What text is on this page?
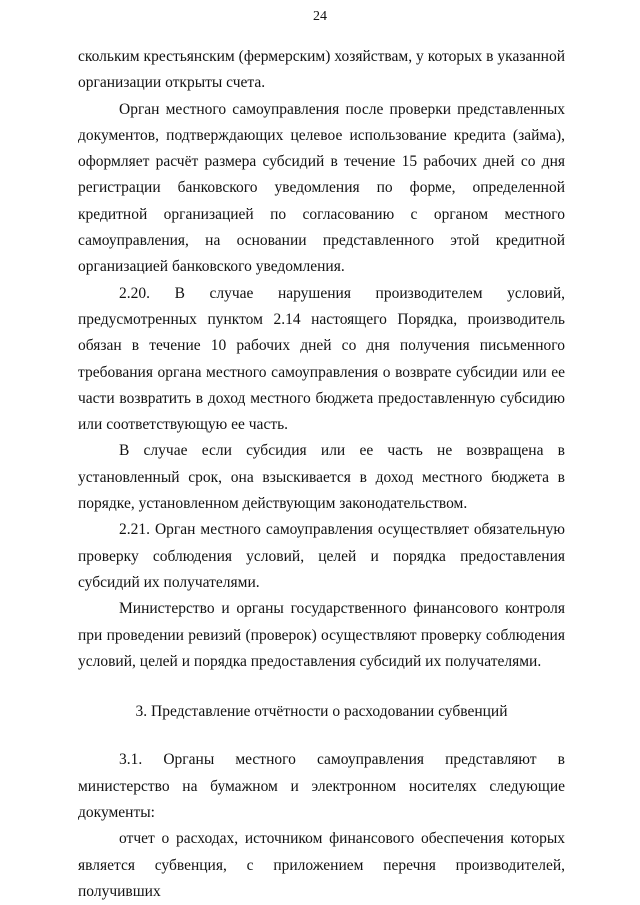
24

скольким крестьянским (фермерским) хозяйствам, у которых в указанной организации открыты счета.

Орган местного самоуправления после проверки представленных документов, подтверждающих целевое использование кредита (займа), оформляет расчёт размера субсидий в течение 15 рабочих дней со дня регистрации банковского уведомления по форме, определенной кредитной организацией по согласованию с органом местного самоуправления, на основании представленного этой кредитной организацией банковского уведомления.

2.20. В случае нарушения производителем условий, предусмотренных пунктом 2.14 настоящего Порядка, производитель обязан в течение 10 рабочих дней со дня получения письменного требования органа местного самоуправления о возврате субсидии или ее части возвратить в доход местного бюджета предоставленную субсидию или соответствующую ее часть.

В случае если субсидия или ее часть не возвращена в установленный срок, она взыскивается в доход местного бюджета в порядке, установленном действующим законодательством.

2.21. Орган местного самоуправления осуществляет обязательную проверку соблюдения условий, целей и порядка предоставления субсидий их получателями.

Министерство и органы государственного финансового контроля при проведении ревизий (проверок) осуществляют проверку соблюдения условий, целей и порядка предоставления субсидий их получателями.

3. Представление отчётности о расходовании субвенций

3.1. Органы местного самоуправления представляют в министерство на бумажном и электронном носителях следующие документы:

отчет о расходах, источником финансового обеспечения которых является субвенция, с приложением перечня производителей, получивших
